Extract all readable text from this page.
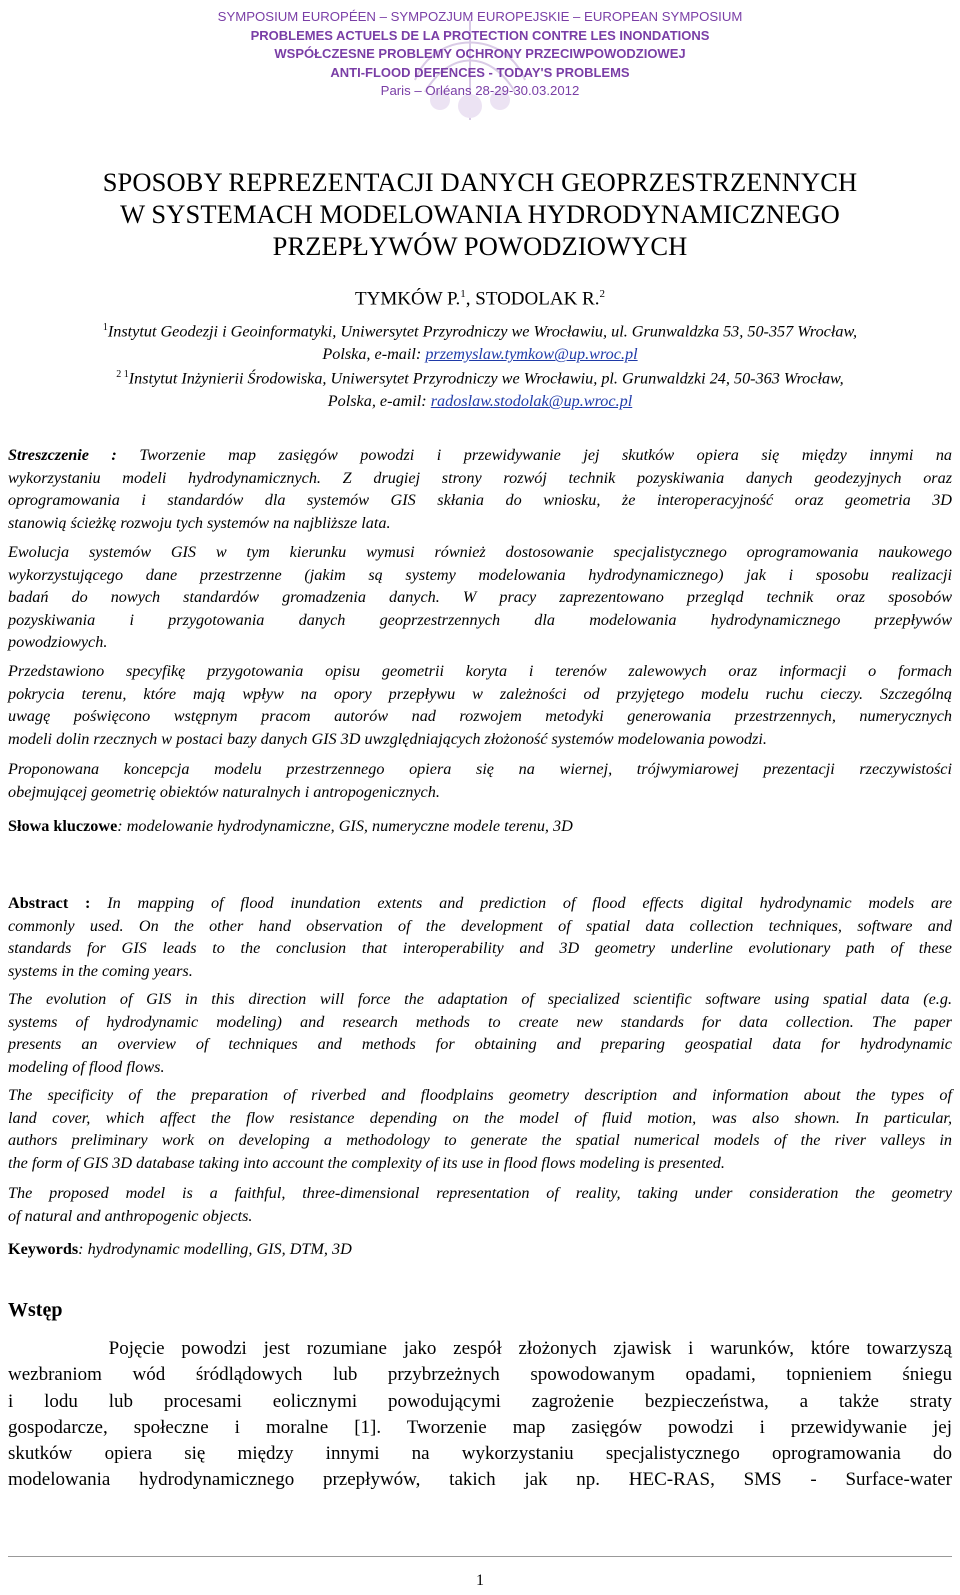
SYMPOSIUM EUROPÉEN – SYMPOZJUM EUROPEJSKIE – EUROPEAN SYMPOSIUM
PROBLEMES ACTUELS DE LA PROTECTION CONTRE LES INONDATIONS
WSPÓŁCZESNE PROBLEMY OCHRONY PRZECIWPOWODZIOWEJ
ANTI-FLOOD DEFENCES - TODAY'S PROBLEMS
Paris – Orléans 28-29-30.03.2012
SPOSOBY REPREZENTACJI DANYCH GEOPRZESTRZENNYCH
W SYSTEMACH MODELOWANIA HYDRODYNAMICZNEGO
PRZEPŁYWÓW POWODZIOWYCH
TYMKÓW P.$^1$, STODOLAK R.$^2$
$^1$Instytut Geodezji i Geoinformatyki, Uniwersytet Przyrodniczy we Wrocławiu, ul. Grunwaldzka 53, 50-357 Wrocław,
Polska, e-mail: przemyslaw.tymkow@up.wroc.pl
$^{2 1}$Instytut Inżynierii Środowiska, Uniwersytet Przyrodniczy we Wrocławiu, pl. Grunwaldzki 24, 50-363 Wrocław,
Polska, e-amil: radoslaw.stodolak@up.wroc.pl
Streszczenie : Tworzenie map zasięgów powodzi i przewidywanie jej skutków opiera się między innymi na
wykorzystaniu modeli hydrodynamicznych. Z drugiej strony rozwój technik pozyskiwania danych geodezyjnych oraz
oprogramowania i standardów dla systemów GIS skłania do wniosku, że interoperacyjność oraz geometria 3D
stanowią ścieżkę rozwoju tych systemów na najbliższe lata.
Ewolucja systemów GIS w tym kierunku wymusi również dostosowanie specjalistycznego oprogramowania naukowego
wykorzystującego dane przestrzenne (jakim są systemy modelowania hydrodynamicznego) jak i sposobu realizacji
badań do nowych standardów gromadzenia danych. W pracy zaprezentowano przegląd technik oraz sposobów
pozyskiwania i przygotowania danych geoprzestrzennych dla modelowania hydrodynamicznego przepływów
powodziowych.
Przedstawiono specyfikę przygotowania opisu geometrii koryta i terenów zalewowych oraz informacji o formach
pokrycia terenu, które mają wpływ na opory przepływu w zależności od przyjętego modelu ruchu cieczy. Szczególną
uwagę poświęcono wstępnym pracom autorów nad rozwojem metodyki generowania przestrzennych, numerycznych
modeli dolin rzecznych w postaci bazy danych GIS 3D uwzględniających złożoność systemów modelowania powodzi.
Proponowana koncepcja modelu przestrzennego opiera się na wiernej, trójwymiarowej prezentacji rzeczywistości
obejmującej geometrię obiektów naturalnych i antropogenicznych.
Słowa kluczowe: modelowanie hydrodynamiczne, GIS, numeryczne modele terenu, 3D
Abstract : In mapping of flood inundation extents and prediction of flood effects digital hydrodynamic models are
commonly used. On the other hand observation of the development of spatial data collection techniques, software and
standards for GIS leads to the conclusion that interoperability and 3D geometry underline evolutionary path of these
systems in the coming years.
The evolution of GIS in this direction will force the adaptation of specialized scientific software using spatial data (e.g.
systems of hydrodynamic modeling) and research methods to create new standards for data collection. The paper
presents an overview of techniques and methods for obtaining and preparing geospatial data for hydrodynamic
modeling of flood flows.
The specificity of the preparation of riverbed and floodplains geometry description and information about the types of
land cover, which affect the flow resistance depending on the model of fluid motion, was also shown. In particular,
authors preliminary work on developing a methodology to generate the spatial numerical models of the river valleys in
the form of GIS 3D database taking into account the complexity of its use in flood flows modeling is presented.
The proposed model is a faithful, three-dimensional representation of reality, taking under consideration the geometry
of natural and anthropogenic objects.
Keywords: hydrodynamic modelling, GIS, DTM, 3D
Wstęp
Pojęcie powodzi jest rozumiane jako zespół złożonych zjawisk i warunków, które towarzyszą
wezbraniom wód śródlądowych lub przybrzeżnych spowodowanym opadami, topnieniem śniegu
i lodu lub procesami eolicznymi powodującymi zagrożenie bezpieczeństwa, a także straty
gospodarcze, społeczne i moralne [1]. Tworzenie map zasięgów powodzi i przewidywanie jej
skutków opiera się między innymi na wykorzystaniu specjalistycznego oprogramowania do
modelowania hydrodynamicznego przepływów, takich jak np. HEC-RAS, SMS - Surface-water
1
